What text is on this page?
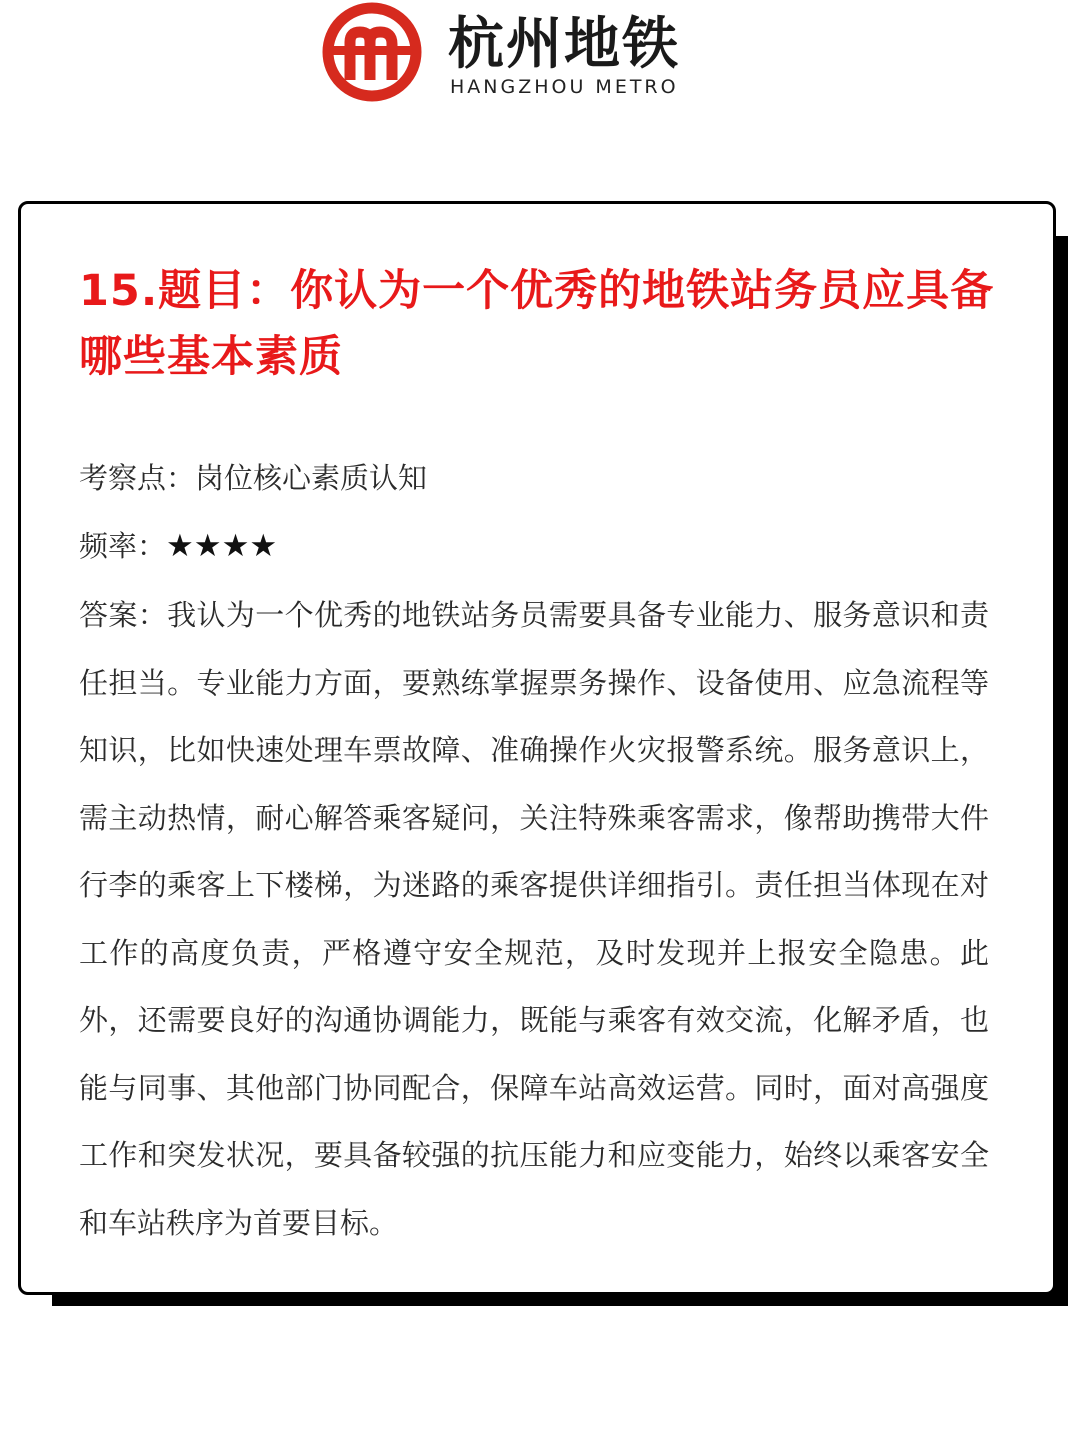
杭州地铁
HANGZHOU METRO
15.题目：你认为一个优秀的地铁站务员应具备哪些基本素质
考察点：岗位核心素质认知
频率：★★★★
答案：我认为一个优秀的地铁站务员需要具备专业能力、服务意识和责任担当。专业能力方面，要熟练掌握票务操作、设备使用、应急流程等知识，比如快速处理车票故障、准确操作火灾报警系统。服务意识上，需主动热情，耐心解答乘客疑问，关注特殊乘客需求，像帮助携带大件行李的乘客上下楼梯，为迷路的乘客提供详细指引。责任担当体现在对工作的高度负责，严格遵守安全规范，及时发现并上报安全隐患。此外，还需要良好的沟通协调能力，既能与乘客有效交流，化解矛盾，也能与同事、其他部门协同配合，保障车站高效运营。同时，面对高强度工作和突发状况，要具备较强的抗压能力和应变能力，始终以乘客安全和车站秩序为首要目标。
